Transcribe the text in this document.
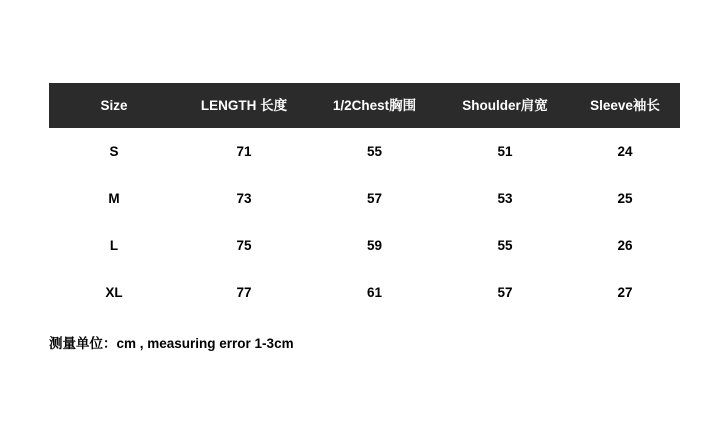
Size	LENGTH 长度	1/2Chest胸围	Shoulder肩宽	Sleeve袖长
S	71	55	51	24
M	73	57	53	25
L	75	59	55	26
XL	77	61	57	27
测量单位：cm , measuring error 1-3cm
